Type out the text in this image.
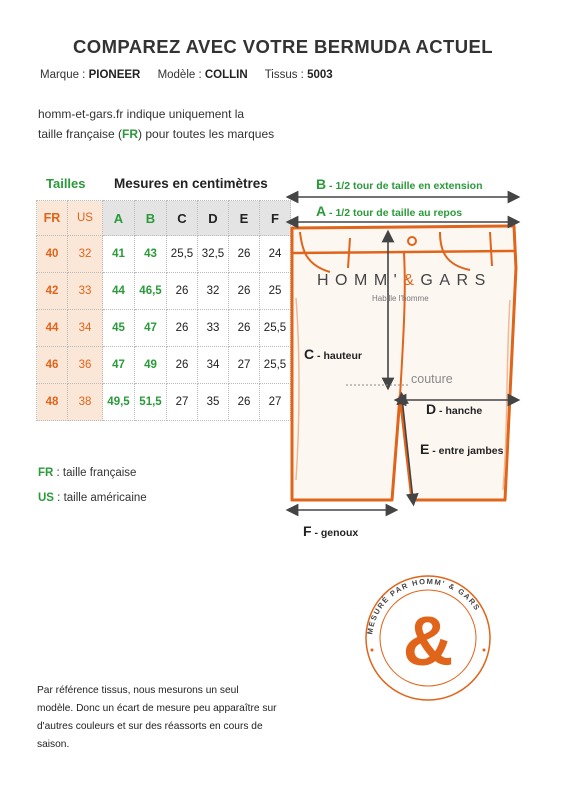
COMPAREZ AVEC VOTRE BERMUDA ACTUEL
Marque : PIONEER Modèle : COLLIN Tissus : 5003
homm-et-gars.fr indique uniquement la
taille française (FR) pour toutes les marques
Tailles Mesures en centimètres
FR	US	A	B	C	D	E	F
40	32	41	43	25,5	32,5	26	24
42	33	44	46,5	26	32	26	25
44	34	45	47	26	33	26	25,5
46	36	47	49	26	34	27	25,5
48	38	49,5	51,5	27	35	26	27
FR : taille française
US : taille américaine
MESURÉ PAR HOMM' & GARS
&
HOMM'&GARS
Habille l'homme
B - 1/2 tour de taille en extension
A - 1/2 tour de taille au repos
C - hauteur
couture
D - hanche
E - entre jambes
F - genoux
Par référence tissus, nous mesurons un seul modèle. Donc un écart de mesure peu apparaître sur d'autres couleurs et sur des réassorts en cours de saison.
